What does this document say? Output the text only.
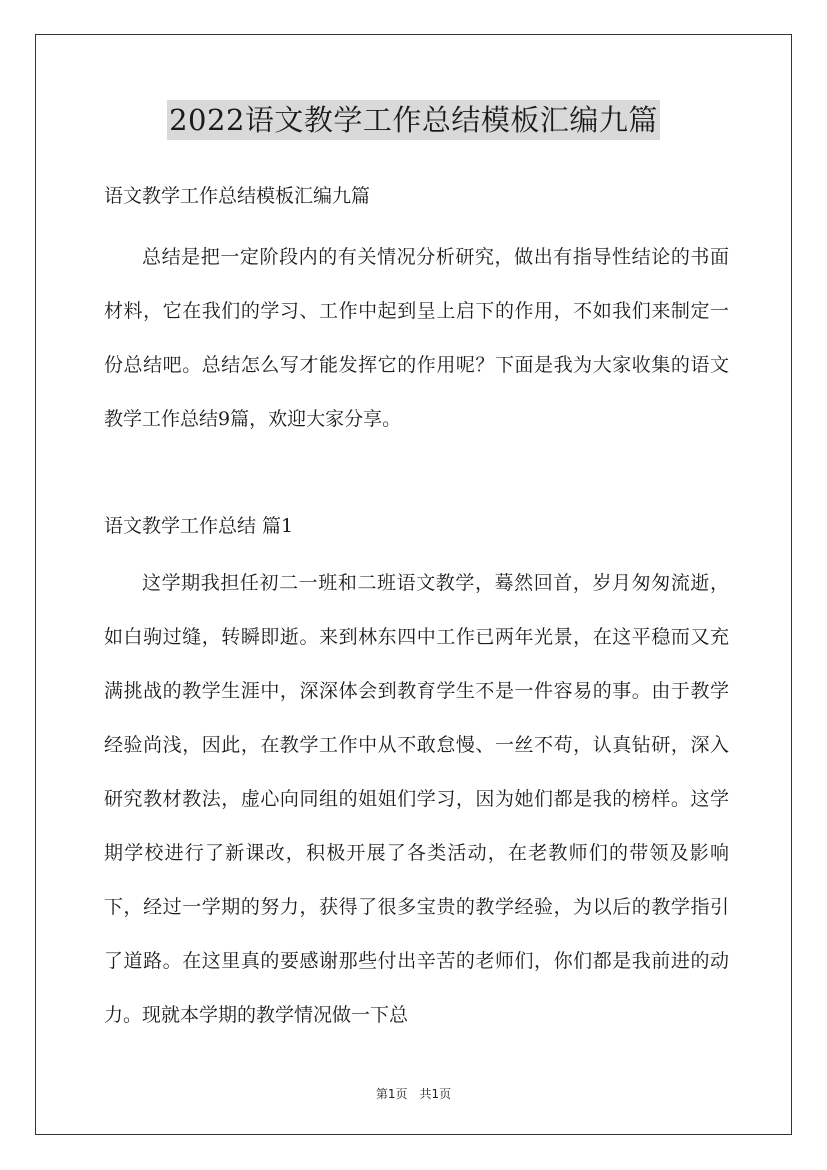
2022语文教学工作总结模板汇编九篇

语文教学工作总结模板汇编九篇

总结是把一定阶段内的有关情况分析研究，做出有指导性结论的书面材料，它在我们的学习、工作中起到呈上启下的作用，不如我们来制定一份总结吧。总结怎么写才能发挥它的作用呢？下面是我为大家收集的语文教学工作总结9篇，欢迎大家分享。

语文教学工作总结 篇1

这学期我担任初二一班和二班语文教学，蓦然回首，岁月匆匆流逝，如白驹过缝，转瞬即逝。来到林东四中工作已两年光景，在这平稳而又充满挑战的教学生涯中，深深体会到教育学生不是一件容易的事。由于教学经验尚浅，因此，在教学工作中从不敢怠慢、一丝不苟，认真钻研，深入研究教材教法，虚心向同组的姐姐们学习，因为她们都是我的榜样。这学期学校进行了新课改，积极开展了各类活动，在老教师们的带领及影响下，经过一学期的努力，获得了很多宝贵的教学经验，为以后的教学指引了道路。在这里真的要感谢那些付出辛苦的老师们，你们都是我前进的动力。现就本学期的教学情况做一下总

第1页 共1页
